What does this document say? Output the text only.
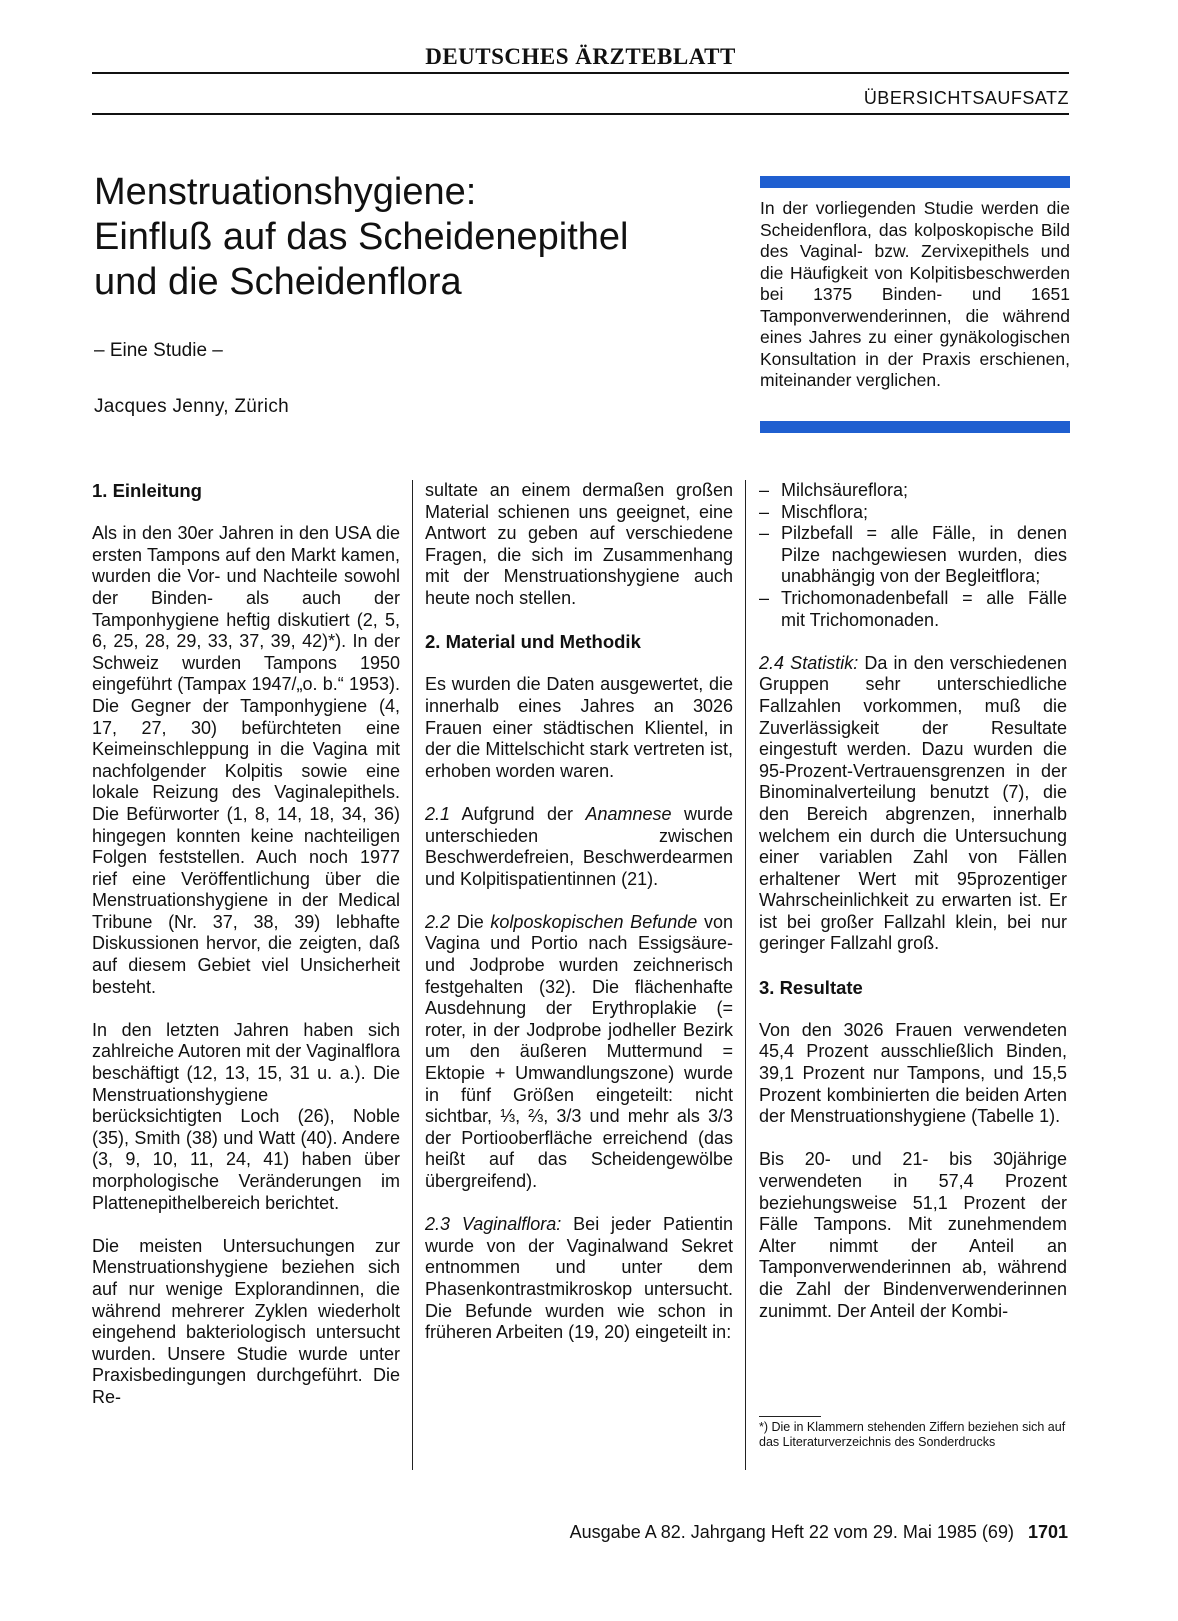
DEUTSCHES ÄRZTEBLATT
ÜBERSICHTSAUFSATZ
Menstruationshygiene:
Einfluß auf das Scheidenepithel
und die Scheidenflora
– Eine Studie –
Jacques Jenny, Zürich

In der vorliegenden Studie werden die Scheidenflora, das kolposkopische Bild des Vaginal- bzw. Zervixepithels und die Häufigkeit von Kolpitisbeschwerden bei 1375 Binden- und 1651 Tamponverwenderinnen, die während eines Jahres zu einer gynäkologischen Konsultation in der Praxis erschienen, miteinander verglichen.

1. Einleitung

Als in den 30er Jahren in den USA die ersten Tampons auf den Markt kamen, wurden die Vor- und Nachteile sowohl der Binden- als auch der Tamponhygiene heftig diskutiert (2, 5, 6, 25, 28, 29, 33, 37, 39, 42)*). In der Schweiz wurden Tampons 1950 eingeführt (Tampax 1947/„o. b.“ 1953). Die Gegner der Tamponhygiene (4, 17, 27, 30) befürchteten eine Keimeinschleppung in die Vagina mit nachfolgender Kolpitis sowie eine lokale Reizung des Vaginalepithels. Die Befürworter (1, 8, 14, 18, 34, 36) hingegen konnten keine nachteiligen Folgen feststellen. Auch noch 1977 rief eine Veröffentlichung über die Menstruationshygiene in der Medical Tribune (Nr. 37, 38, 39) lebhafte Diskussionen hervor, die zeigten, daß auf diesem Gebiet viel Unsicherheit besteht.

In den letzten Jahren haben sich zahlreiche Autoren mit der Vaginalflora beschäftigt (12, 13, 15, 31 u. a.). Die Menstruationshygiene berücksichtigten Loch (26), Noble (35), Smith (38) und Watt (40). Andere (3, 9, 10, 11, 24, 41) haben über morphologische Veränderungen im Plattenepithelbereich berichtet.

Die meisten Untersuchungen zur Menstruationshygiene beziehen sich auf nur wenige Explorandinnen, die während mehrerer Zyklen wiederholt eingehend bakteriologisch untersucht wurden. Unsere Studie wurde unter Praxisbedingungen durchgeführt. Die Re-

sultate an einem dermaßen großen Material schienen uns geeignet, eine Antwort zu geben auf verschiedene Fragen, die sich im Zusammenhang mit der Menstruationshygiene auch heute noch stellen.

2. Material und Methodik

Es wurden die Daten ausgewertet, die innerhalb eines Jahres an 3026 Frauen einer städtischen Klientel, in der die Mittelschicht stark vertreten ist, erhoben worden waren.

2.1 Aufgrund der Anamnese wurde unterschieden zwischen Beschwerdefreien, Beschwerdearmen und Kolpitispatientinnen (21).

2.2 Die kolposkopischen Befunde von Vagina und Portio nach Essigsäure- und Jodprobe wurden zeichnerisch festgehalten (32). Die flächenhafte Ausdehnung der Erythroplakie (= roter, in der Jodprobe jodheller Bezirk um den äußeren Muttermund = Ektopie + Umwandlungszone) wurde in fünf Größen eingeteilt: nicht sichtbar, ⅓, ⅔, 3/3 und mehr als 3/3 der Portiooberfläche erreichend (das heißt auf das Scheidengewölbe übergreifend).

2.3 Vaginalflora: Bei jeder Patientin wurde von der Vaginalwand Sekret entnommen und unter dem Phasenkontrastmikroskop untersucht. Die Befunde wurden wie schon in früheren Arbeiten (19, 20) eingeteilt in:

– Milchsäureflora;
– Mischflora;
– Pilzbefall = alle Fälle, in denen Pilze nachgewiesen wurden, dies unabhängig von der Begleitflora;
– Trichomonadenbefall = alle Fälle mit Trichomonaden.

2.4 Statistik: Da in den verschiedenen Gruppen sehr unterschiedliche Fallzahlen vorkommen, muß die Zuverlässigkeit der Resultate eingestuft werden. Dazu wurden die 95-Prozent-Vertrauensgrenzen in der Binominalverteilung benutzt (7), die den Bereich abgrenzen, innerhalb welchem ein durch die Untersuchung einer variablen Zahl von Fällen erhaltener Wert mit 95prozentiger Wahrscheinlichkeit zu erwarten ist. Er ist bei großer Fallzahl klein, bei nur geringer Fallzahl groß.

3. Resultate

Von den 3026 Frauen verwendeten 45,4 Prozent ausschließlich Binden, 39,1 Prozent nur Tampons, und 15,5 Prozent kombinierten die beiden Arten der Menstruationshygiene (Tabelle 1).

Bis 20- und 21- bis 30jährige verwendeten in 57,4 Prozent beziehungsweise 51,1 Prozent der Fälle Tampons. Mit zunehmendem Alter nimmt der Anteil an Tamponverwenderinnen ab, während die Zahl der Bindenverwenderinnen zunimmt. Der Anteil der Kombi-

*) Die in Klammern stehenden Ziffern beziehen sich auf das Literaturverzeichnis des Sonderdrucks
Ausgabe A 82. Jahrgang Heft 22 vom 29. Mai 1985 (69) 1701
